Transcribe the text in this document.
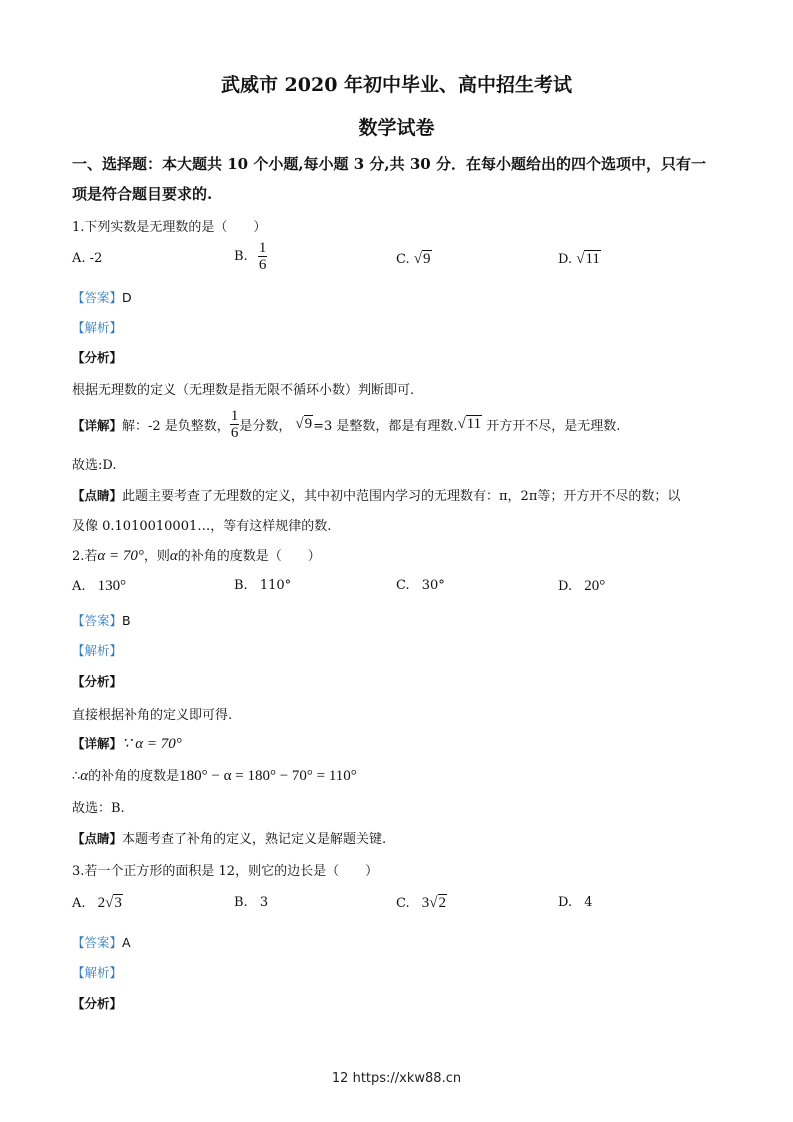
武威市 2020 年初中毕业、高中招生考试
数学试卷
一、选择题：本大题共 10 个小题,每小题 3 分,共 30 分．在每小题给出的四个选项中，只有一
项是符合题目要求的.
1.下列实数是无理数的是（　　）
A. -2	B. $\frac{1}{6}$	C. √9	D. √11
【答案】D
【解析】
【分析】
根据无理数的定义（无理数是指无限不循环小数）判断即可.
【详解】 解：-2 是负整数， $\frac{1}{6}$ 是分数， √9 =3 是整数，都是有理数. √11 开方开不尽，是无理数.
故选:D.
【点睛】此题主要考查了无理数的定义，其中初中范围内学习的无理数有：π，2π等；开方开不尽的数；以
及像 0.1010010001…，等有这样规律的数.
2.若α = 70°，则α的补角的度数是（　　）
A. 130°	B. 110°	C. 30°	D. 20°
【答案】B
【解析】
【分析】
直接根据补角的定义即可得.
【详解】∵ α = 70°
∴α的补角的度数是180° − α = 180° − 70° = 110°
故选：B.
【点睛】本题考查了补角的定义，熟记定义是解题关键.
3.若一个正方形的面积是 12，则它的边长是（　　）
A. 2√3	B. 3	C. 3√2	D. 4
【答案】A
【解析】
【分析】
12 https://xkw88.cn
